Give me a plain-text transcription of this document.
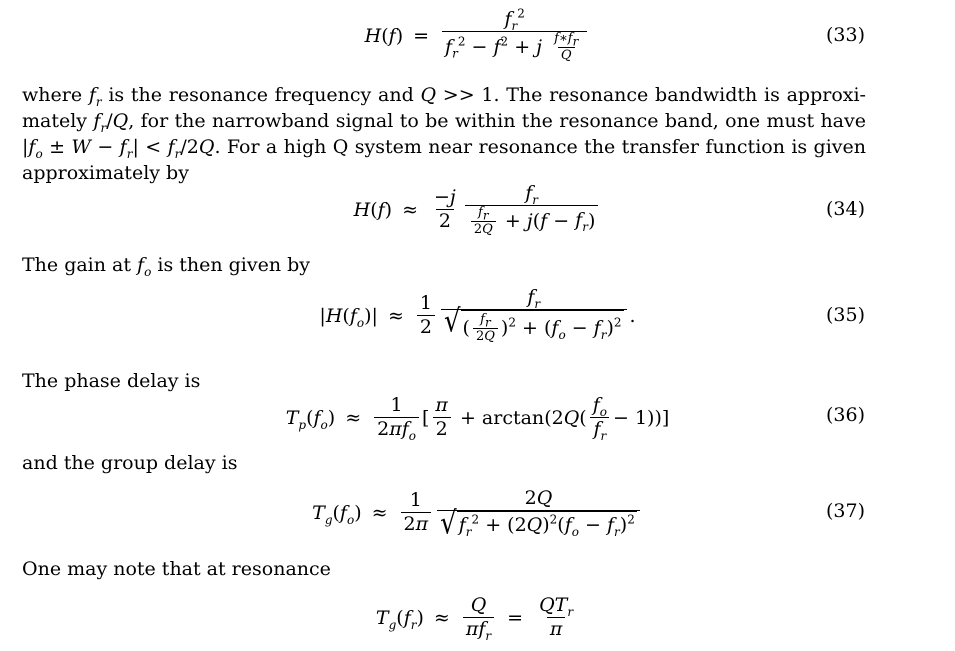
$H(f) = \frac{f_r^2}{f_r^2 - f^2 + j \frac{f∗f_r}{Q}}$	(33)

where $f_r$ is the resonance frequency and Q >> 1. The resonance bandwidth is approxi- mately $f_r/Q$, for the narrowband signal to be within the resonance band, one must have $|f_o \pm W - f_r| < f_r/2Q$. For a high Q system near resonance the transfer function is given approximately by

$H(f) \approx \frac{-j}{2} \frac{f_r}{\frac{f_r}{2Q} + j(f - f_r)}$	(34)

The gain at $f_o$ is then given by

$|H(f_o)| \approx \frac{1}{2} \frac{f_r}{√ ( \frac{f_r}{2Q} )^2 + (f_o - f_r)^2}$ .	(35)

The phase delay is

$T_p(f_o) \approx \frac{1}{2\pi f_o}$ [ $\frac{\pi}{2} + \arctan(2Q( \frac{f_o}{f_r} - 1))$]	(36)

and the group delay is

$T_g(f_o) \approx \frac{1}{2\pi} \frac{2Q}{√ f_r^2 + (2Q)^2(f_o - f_r)^2}$	(37)

One may note that at resonance

$T_g(f_r) \approx \frac{Q}{\pi f_r} = \frac{QT_r}{\pi}$
